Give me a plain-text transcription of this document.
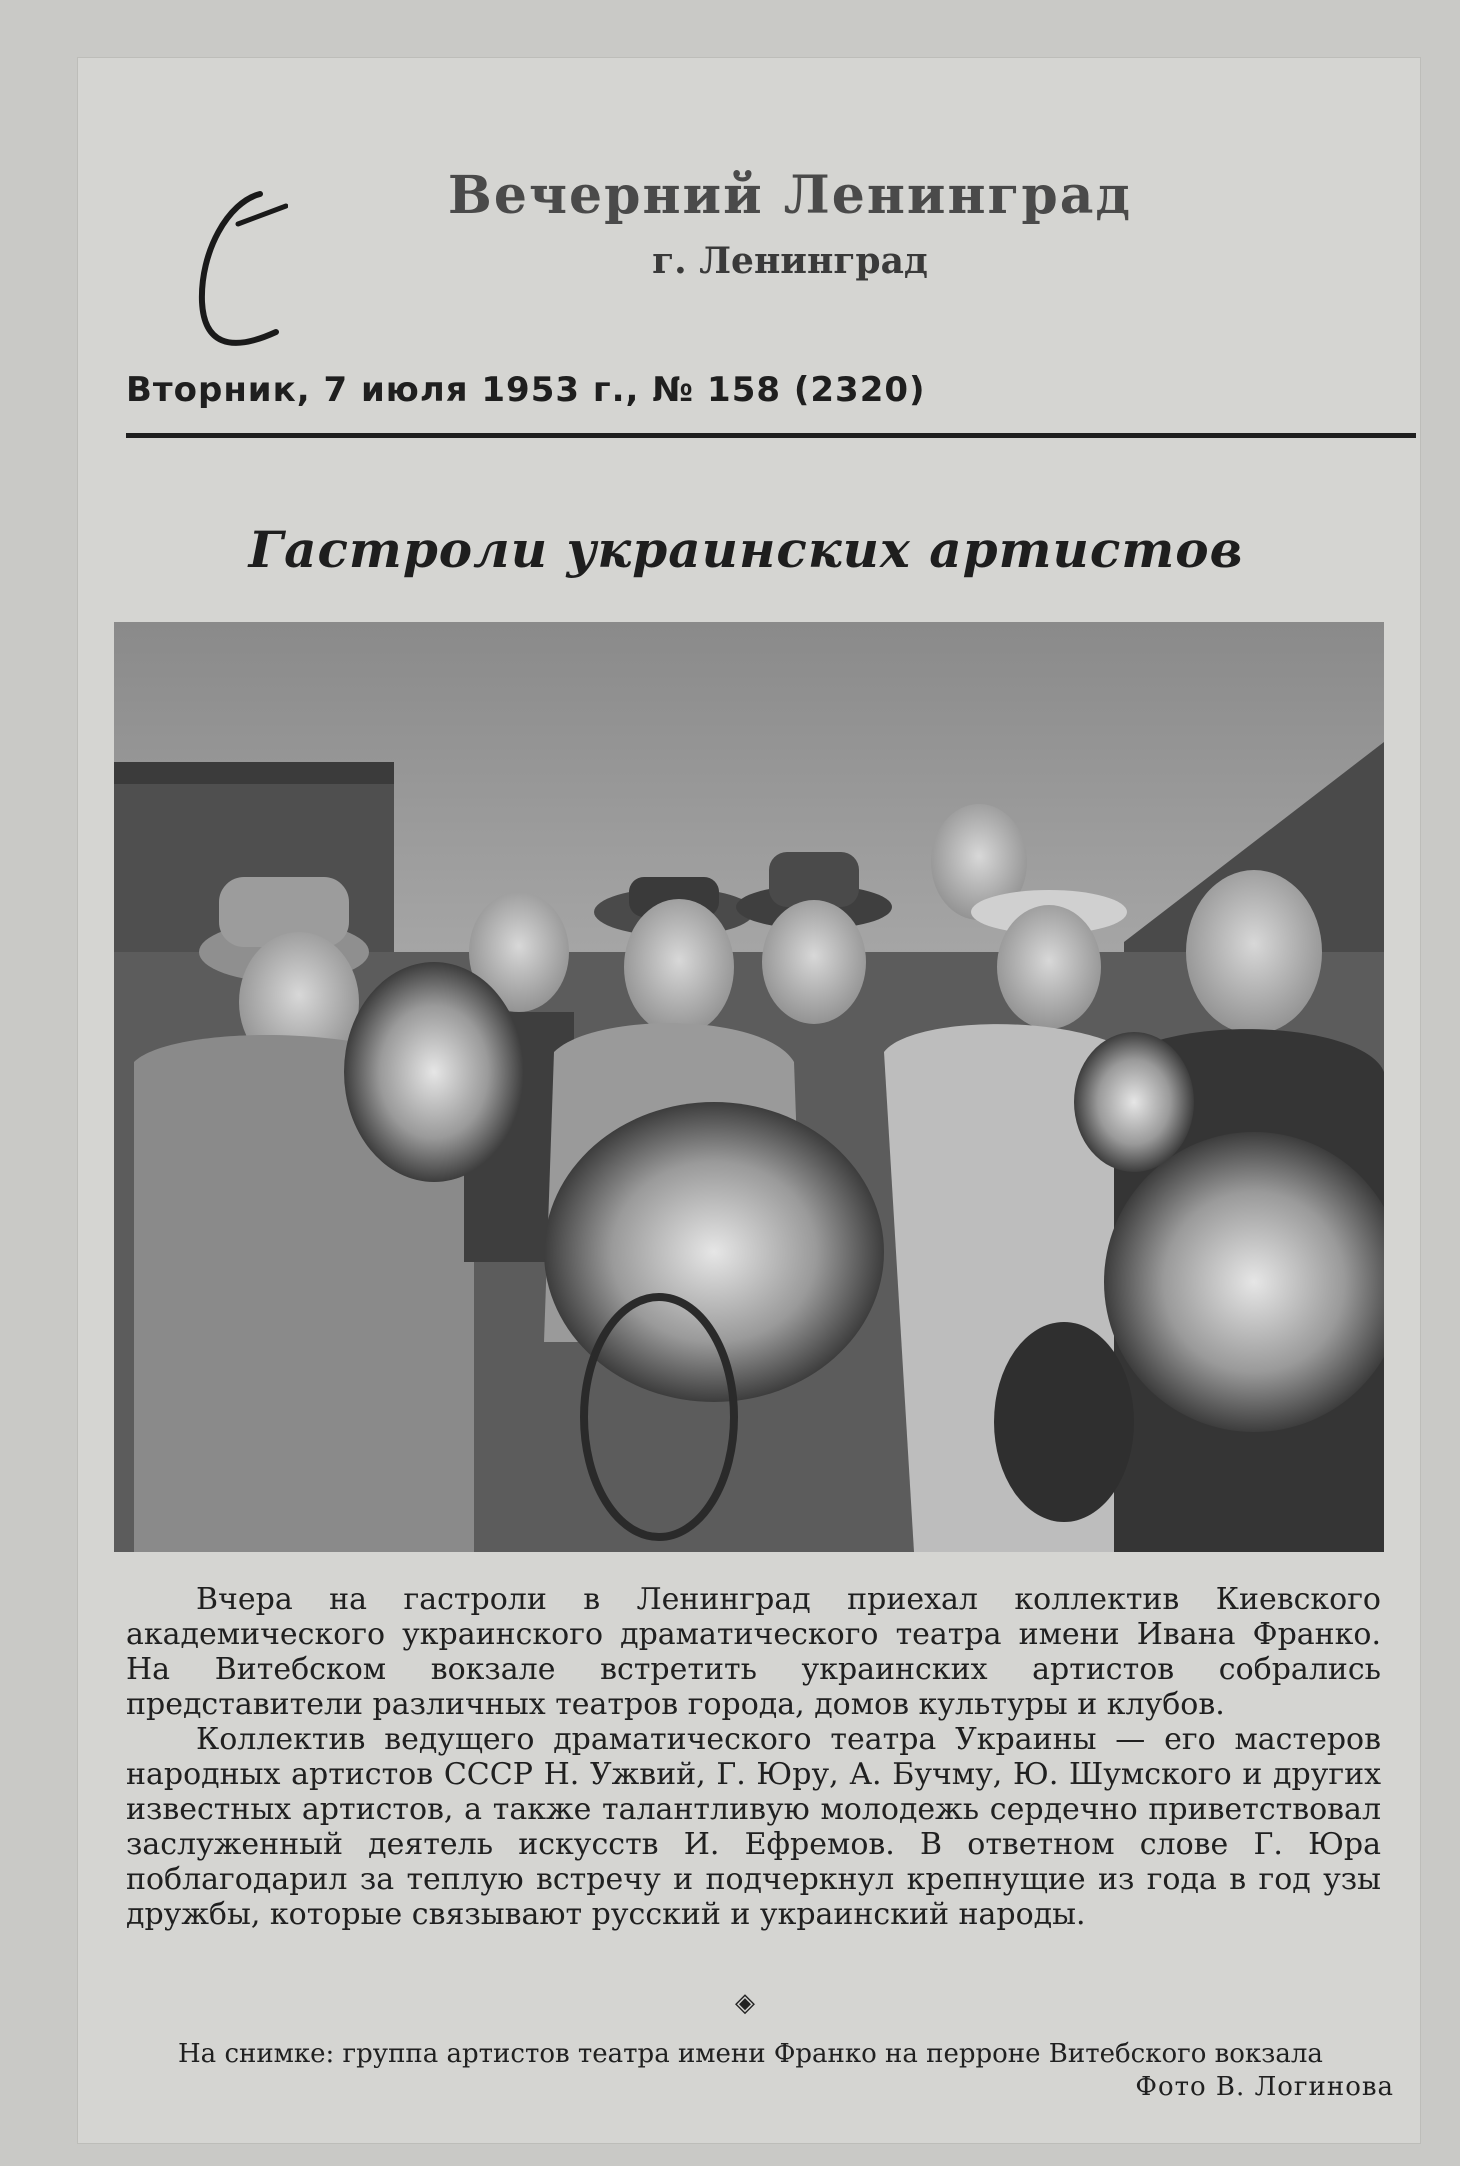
Вечерний Ленинград
г. Ленинград
Вторник, 7 июля 1953 г., № 158 (2320)
Гастроли украинских артистов

Вчера на гастроли в Ленинград приехал коллектив Киевского академического украинского драматического театра имени Ивана Франко. На Витебском вокзале встретить украинских артистов собрались представители различных театров города, домов культуры и клубов.

Коллектив ведущего драматического театра Украины — его мастеров народных артистов СССР Н. Ужвий, Г. Юру, А. Бучму, Ю. Шумского и других известных артистов, а также талантливую молодежь сердечно приветствовал заслуженный деятель искусств И. Ефремов. В ответном слове Г. Юра поблагодарил за теплую встречу и подчеркнул крепнущие из года в год узы дружбы, которые связывают русский и украинский народы.

◈
На снимке: группа артистов театра имени Франко на перроне Витебского вокзала
Фото В. Логинова
